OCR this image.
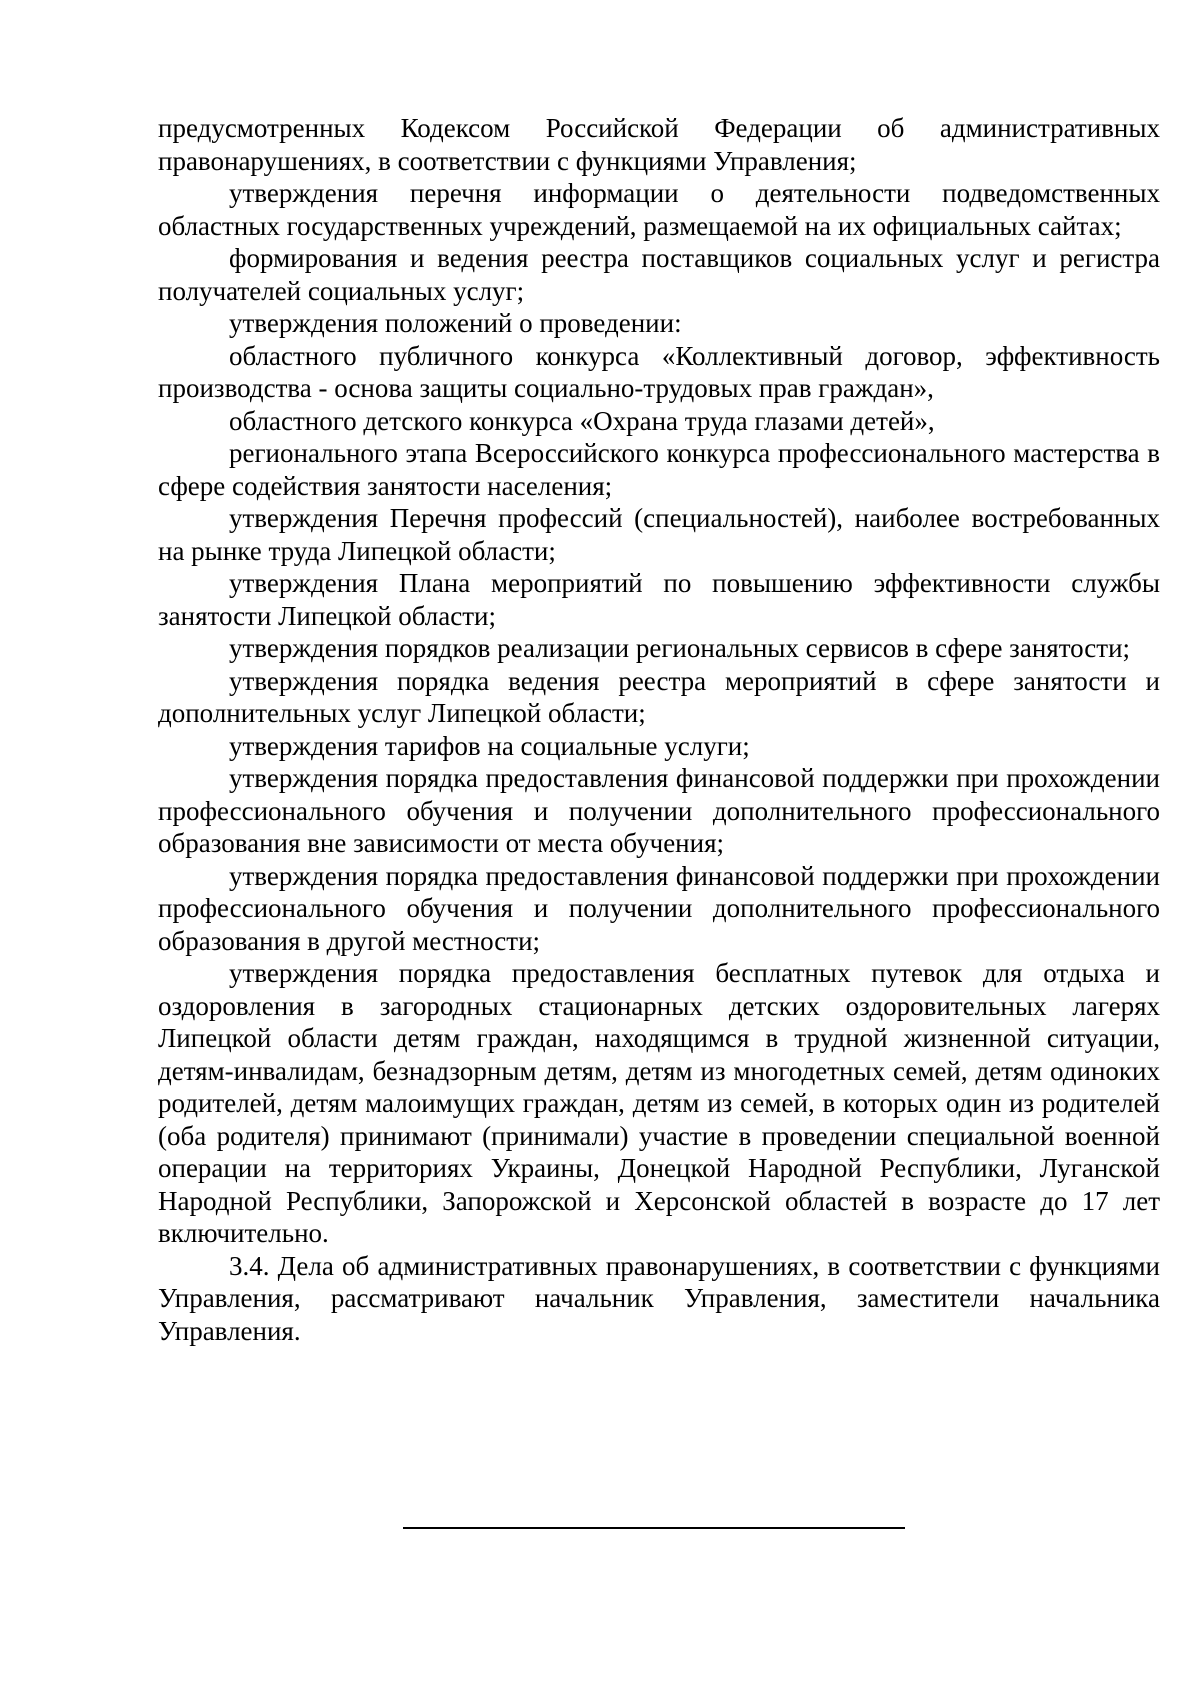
предусмотренных Кодексом Российской Федерации об административных правонарушениях, в соответствии с функциями Управления;

утверждения перечня информации о деятельности подведомственных областных государственных учреждений, размещаемой на их официальных сайтах;

формирования и ведения реестра поставщиков социальных услуг и регистра получателей социальных услуг;

утверждения положений о проведении:

областного публичного конкурса «Коллективный договор, эффективность производства - основа защиты социально-трудовых прав граждан»,

областного детского конкурса «Охрана труда глазами детей»,

регионального этапа Всероссийского конкурса профессионального мастерства в сфере содействия занятости населения;

утверждения Перечня профессий (специальностей), наиболее востребованных на рынке труда Липецкой области;

утверждения Плана мероприятий по повышению эффективности службы занятости Липецкой области;

утверждения порядков реализации региональных сервисов в сфере занятости;

утверждения порядка ведения реестра мероприятий в сфере занятости и дополнительных услуг Липецкой области;

утверждения тарифов на социальные услуги;

утверждения порядка предоставления финансовой поддержки при прохождении профессионального обучения и получении дополнительного профессионального образования вне зависимости от места обучения;

утверждения порядка предоставления финансовой поддержки при прохождении профессионального обучения и получении дополнительного профессионального образования в другой местности;

утверждения порядка предоставления бесплатных путевок для отдыха и оздоровления в загородных стационарных детских оздоровительных лагерях Липецкой области детям граждан, находящимся в трудной жизненной ситуации, детям-инвалидам, безнадзорным детям, детям из многодетных семей, детям одиноких родителей, детям малоимущих граждан, детям из семей, в которых один из родителей (оба родителя) принимают (принимали) участие в проведении специальной военной операции на территориях Украины, Донецкой Народной Республики, Луганской Народной Республики, Запорожской и Херсонской областей в возрасте до 17 лет включительно.

3.4. Дела об административных правонарушениях, в соответствии с функциями Управления, рассматривают начальник Управления, заместители начальника Управления.
